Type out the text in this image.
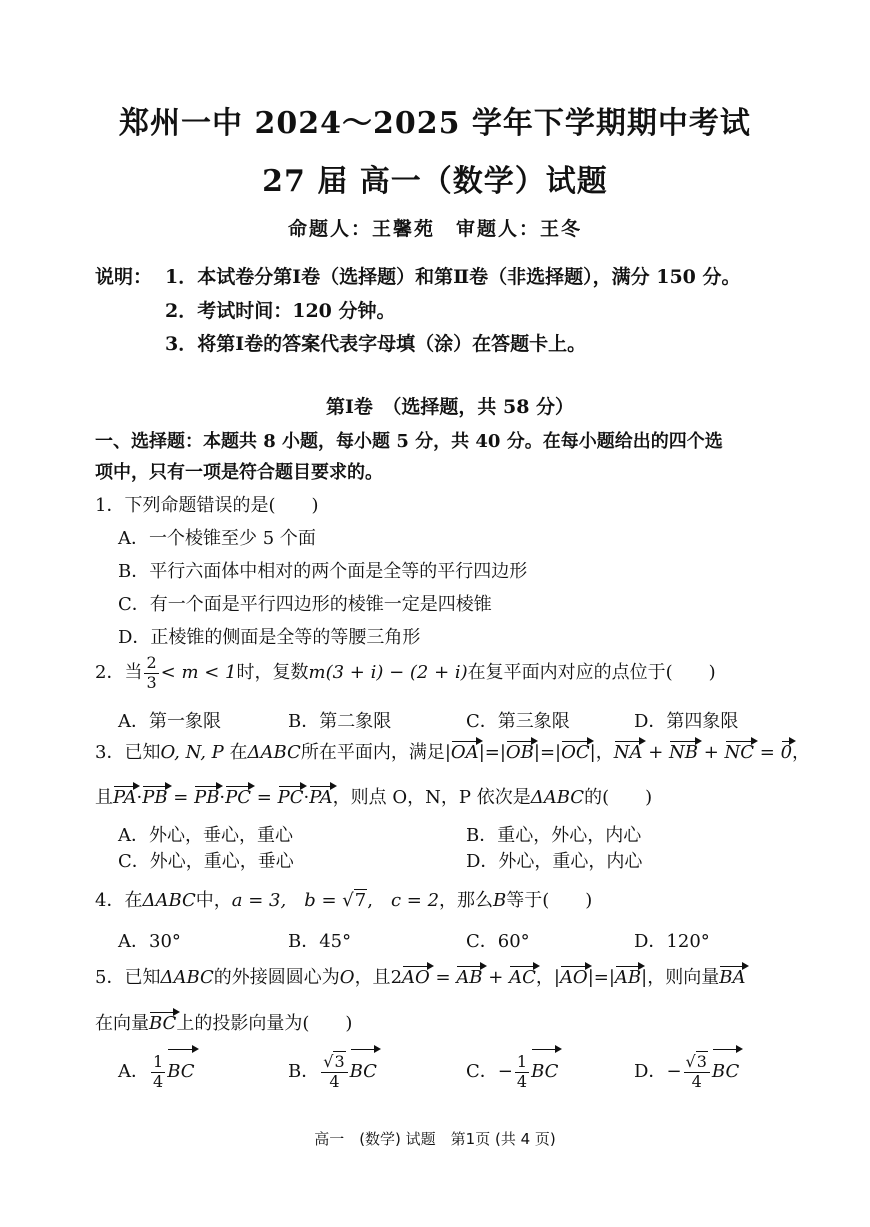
郑州一中 2024～2025 学年下学期期中考试
27 届 高一（数学）试题
命题人：王馨苑　审题人：王冬
说明： 1．本试卷分第Ⅰ卷（选择题）和第Ⅱ卷（非选择题），满分 150 分。
2．考试时间：120 分钟。
3．将第Ⅰ卷的答案代表字母填（涂）在答题卡上。
第Ⅰ卷　（选择题，共 58 分）
一、选择题：本题共 8 小题，每小题 5 分，共 40 分。在每小题给出的四个选
项中，只有一项是符合题目要求的。
1．下列命题错误的是(　　)
A．一个棱锥至少 5 个面
B．平行六面体中相对的两个面是全等的平行四边形
C．有一个面是平行四边形的棱锥一定是四棱锥
D．正棱锥的侧面是全等的等腰三角形
2．当 $\frac{2}{3} < m < 1$时，复数m(3 + i) − (2 + i)在复平面内对应的点位于(　　)
A．第一象限	B．第二象限	C．第三象限	D．第四象限
3．已知O, N, P 在ΔABC所在平面内，满足|OA|=|OB|=|OC|，NA + NB + NC = 0，
且PA·PB = PB·PC = PC·PA，则点 O，N，P 依次是ΔABC的(　　)
A．外心，垂心，重心	B．重心，外心，内心
C．外心，重心，垂心	D．外心，重心，内心
4．在ΔABC中，a = 3,　 b = √7,　c = 2，那么B等于(　　)
A．30°	B．45°	C．60°	D．120°
5．已知ΔABC的外接圆圆心为O，且2AO = AB + AC，|AO|=|AB|，则向量BA
在向量BC上的投影向量为(　　)
A． $\frac{1}{4}$ BC	B． $\frac{√3}{4}$ BC	C．− $\frac{1}{4}$ BC	D．− $\frac{√3}{4}$ BC
高一　(数学) 试题　第1页 (共 4 页)
